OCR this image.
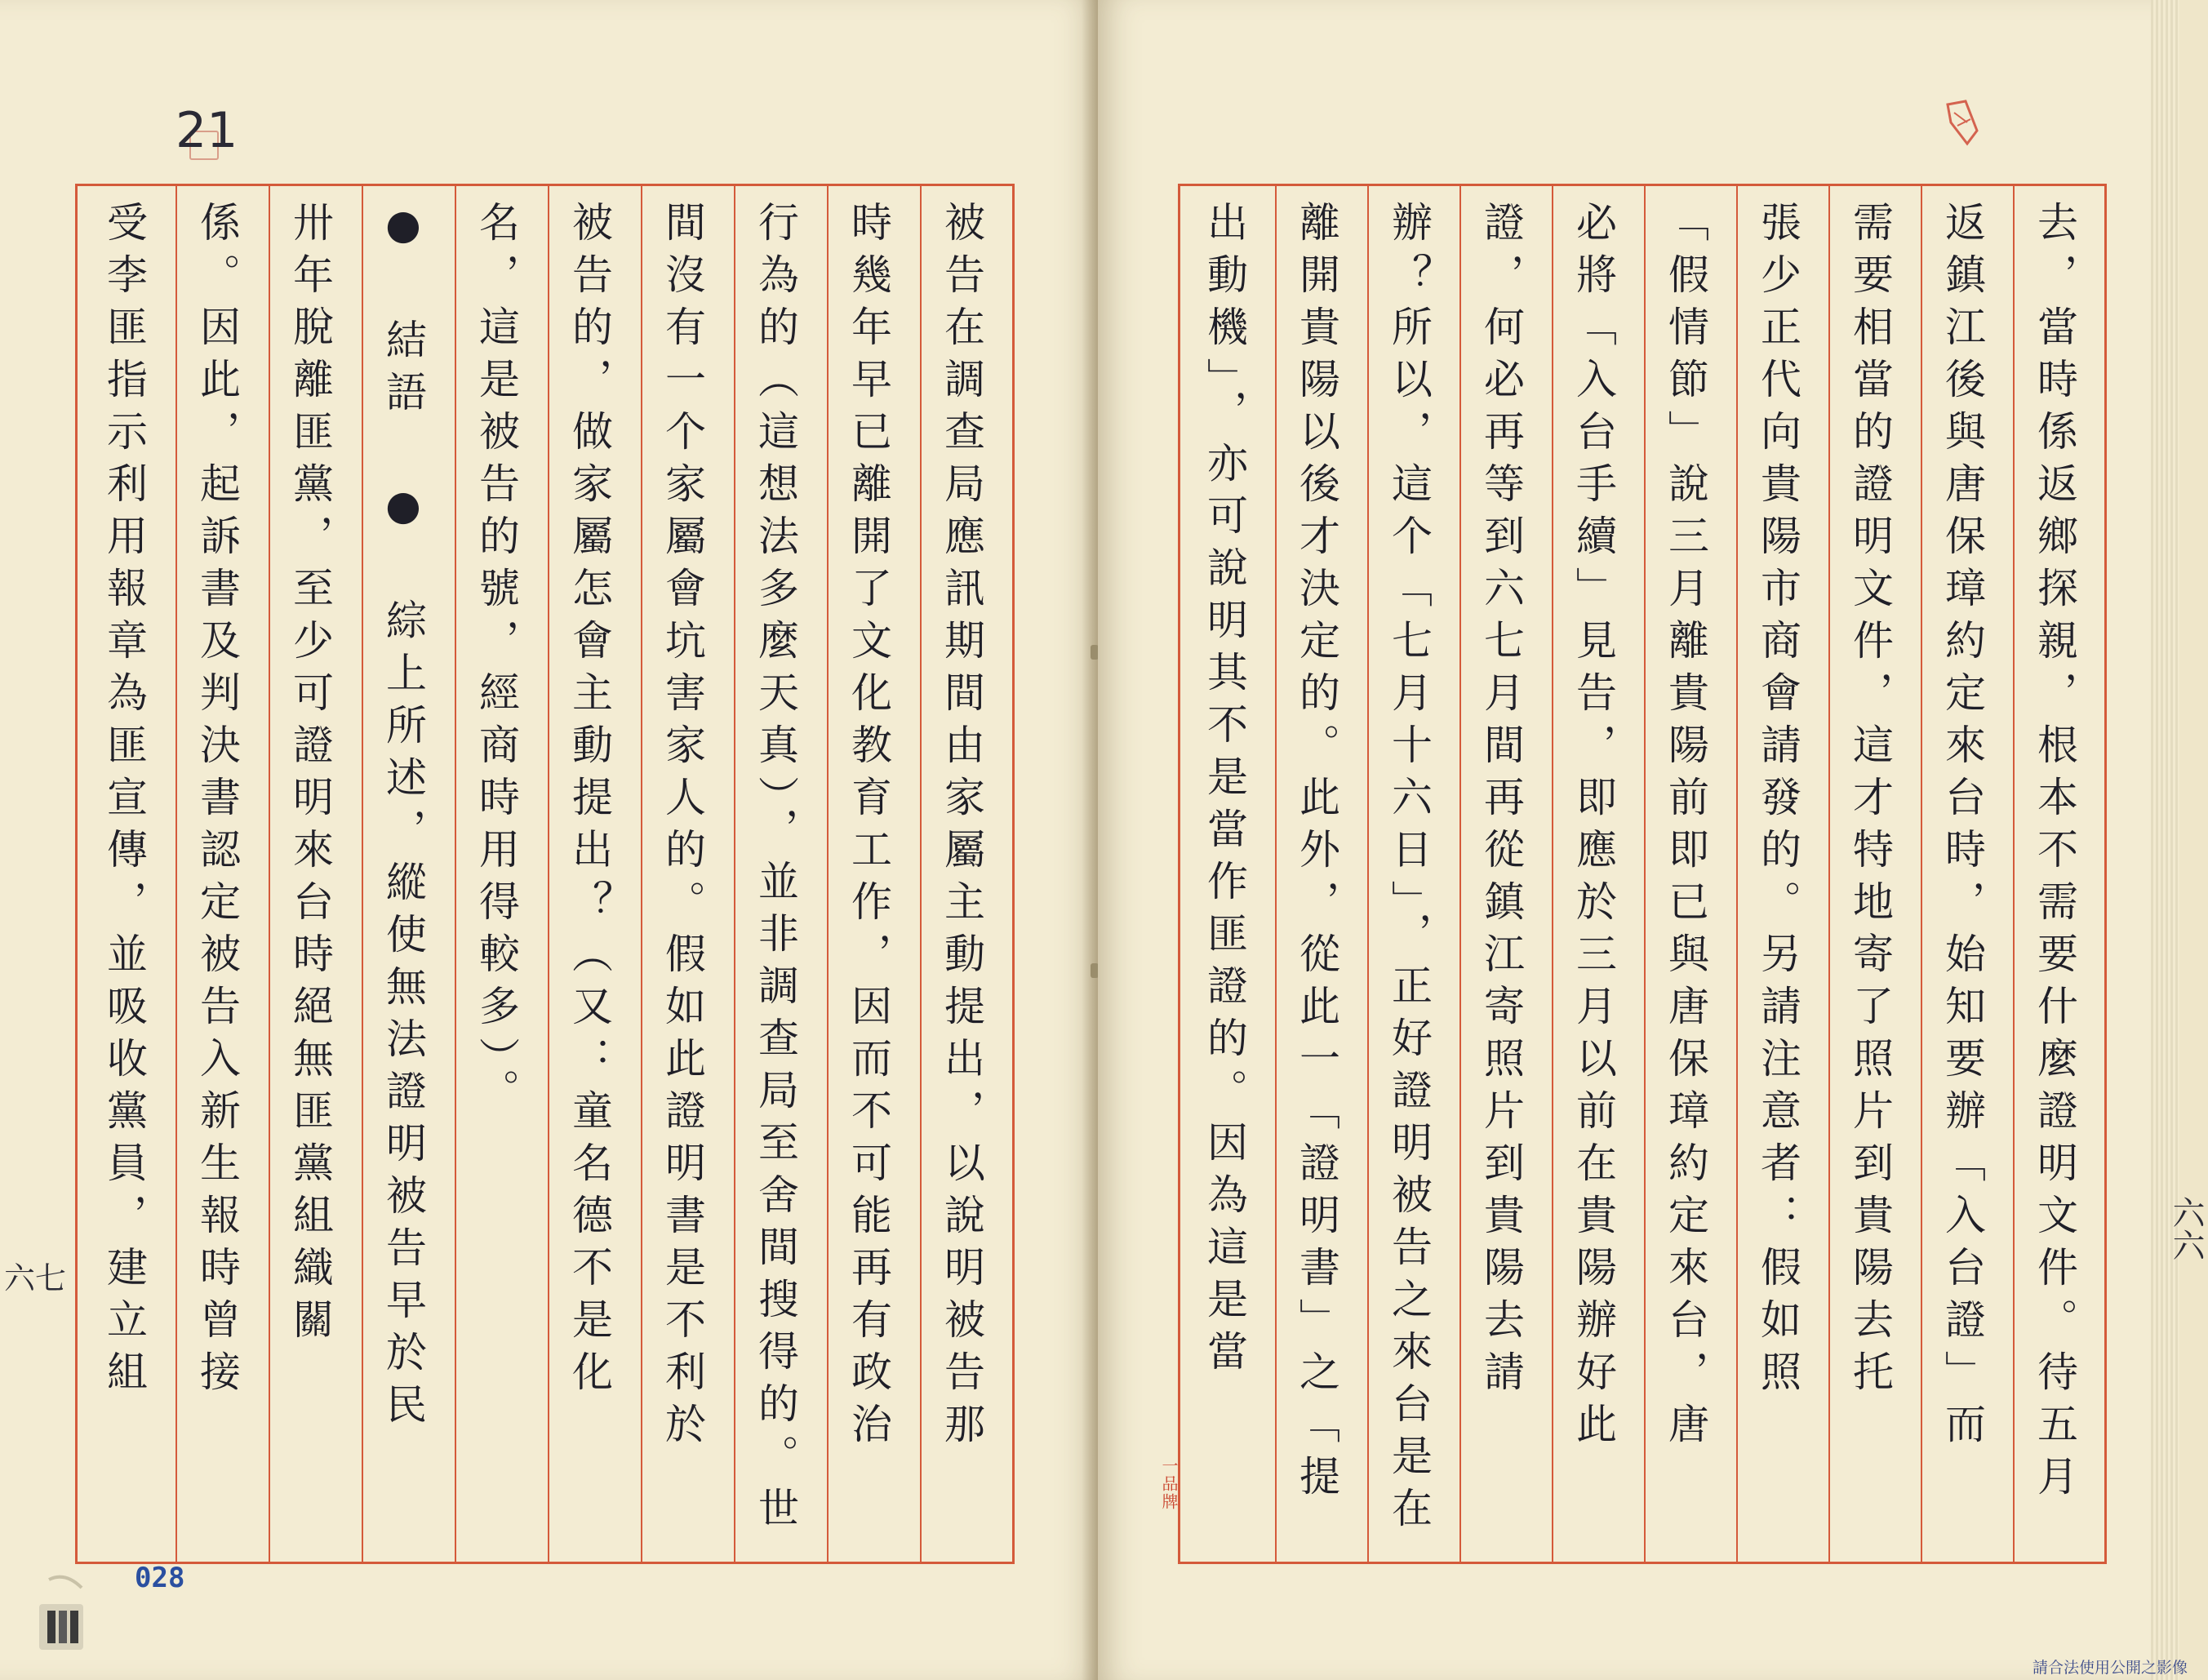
21
六七	被告在調查局應訊期間由家屬主動提出，以說明被告那
時幾年早已離開了文化教育工作，因而不可能再有政治
行為的（這想法多麼天真），並非調查局至舍間搜得的。世
間沒有一个家屬會坑害家人的。假如此證明書是不利於
被告的，做家屬怎會主動提出？（又：童名德不是化
名，這是被告的號，經商時用得較多）。
● 結語 ● 綜上所述，縱使無法證明被告早於民
卅年脫離匪黨，至少可證明來台時絕無匪黨組織關
係。因此，起訴書及判決書認定被告入新生報時曾接
受李匪指示利用報章為匪宣傳，並吸收黨員，建立組
028
去，當時係返鄉探親，根本不需要什麼證明文件。待五月
返鎮江後與唐保璋約定來台時，始知要辦「入台證」而
需要相當的證明文件，這才特地寄了照片到貴陽去托
張少正代向貴陽市商會請發的。另請注意者：假如照
「假情節」說三月離貴陽前即已與唐保璋約定來台，唐
必將「入台手續」見告，即應於三月以前在貴陽辦好此
證，何必再等到六七月間再從鎮江寄照片到貴陽去請
辦？所以，這个「七月十六日」，正好證明被告之來台是在
離開貴陽以後才決定的。此外，從此一「證明書」之「提
出動機」，亦可說明其不是當作匪證的。因為這是當
一品牌
六六
請合法使用公開之影像
